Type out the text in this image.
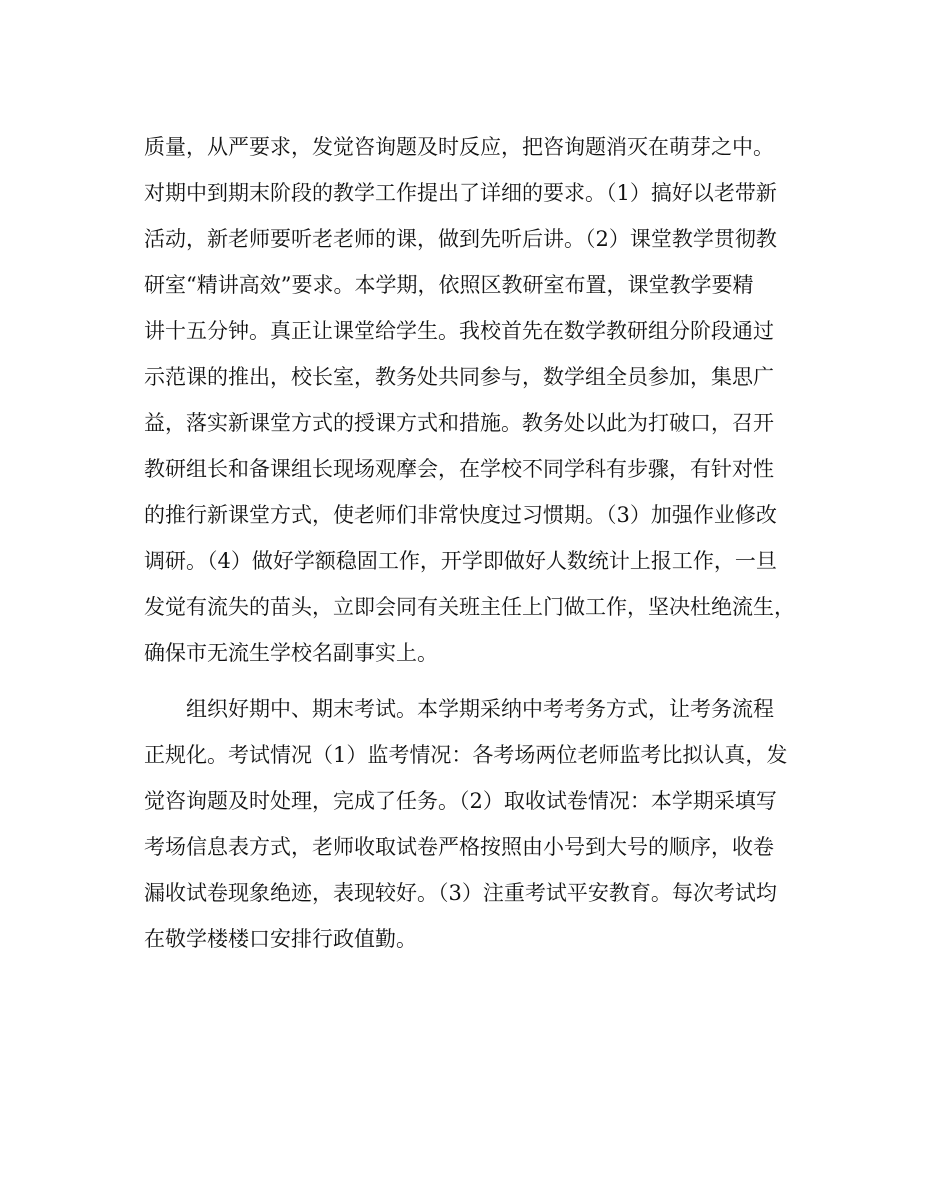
质量，从严要求，发觉咨询题及时反应，把咨询题消灭在萌芽之中。
对期中到期末阶段的教学工作提出了详细的要求。（1）搞好以老带新
活动，新老师要听老老师的课，做到先听后讲。（2）课堂教学贯彻教
研室“精讲高效”要求。本学期，依照区教研室布置，课堂教学要精
讲十五分钟。真正让课堂给学生。我校首先在数学教研组分阶段通过
示范课的推出，校长室，教务处共同参与，数学组全员参加，集思广
益，落实新课堂方式的授课方式和措施。教务处以此为打破口，召开
教研组长和备课组长现场观摩会，在学校不同学科有步骤，有针对性
的推行新课堂方式，使老师们非常快度过习惯期。（3）加强作业修改
调研。（4）做好学额稳固工作，开学即做好人数统计上报工作，一旦
发觉有流失的苗头，立即会同有关班主任上门做工作，坚决杜绝流生，
确保市无流生学校名副事实上。
组织好期中、期末考试。本学期采纳中考考务方式，让考务流程
正规化。考试情况（1）监考情况：各考场两位老师监考比拟认真，发
觉咨询题及时处理，完成了任务。（2）取收试卷情况：本学期采填写
考场信息表方式，老师收取试卷严格按照由小号到大号的顺序，收卷
漏收试卷现象绝迹，表现较好。（3）注重考试平安教育。每次考试均
在敬学楼楼口安排行政值勤。
